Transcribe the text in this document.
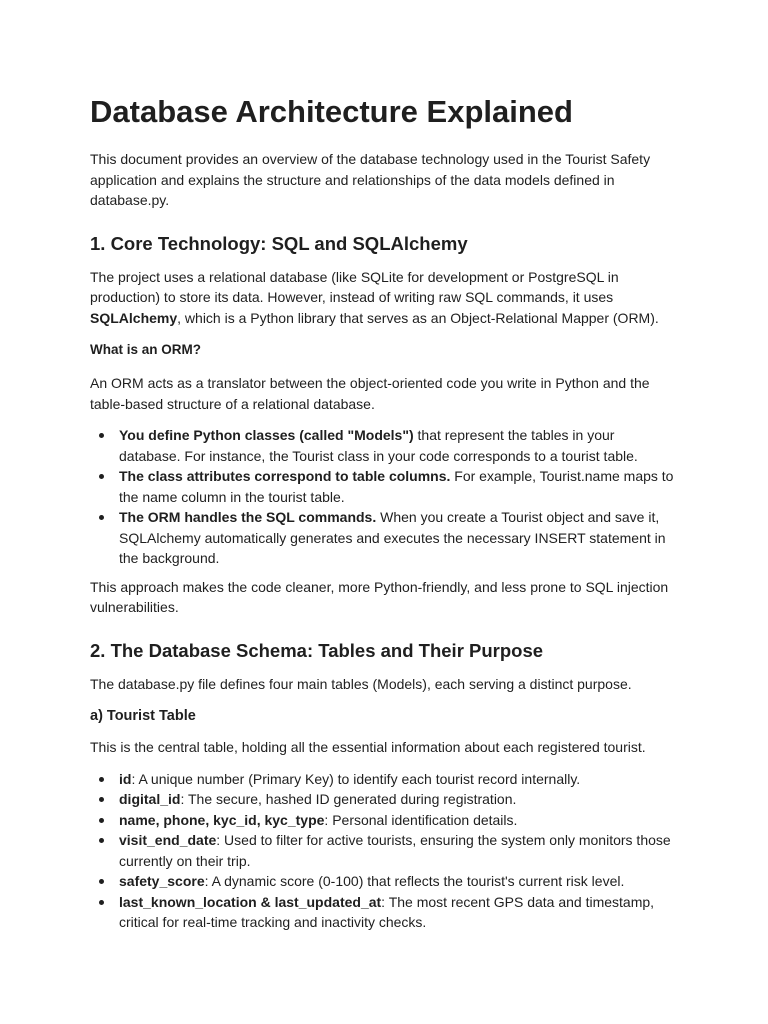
Database Architecture Explained

This document provides an overview of the database technology used in the Tourist Safety application and explains the structure and relationships of the data models defined in database.py.

1. Core Technology: SQL and SQLAlchemy

The project uses a relational database (like SQLite for development or PostgreSQL in production) to store its data. However, instead of writing raw SQL commands, it uses SQLAlchemy, which is a Python library that serves as an Object-Relational Mapper (ORM).

What is an ORM?

An ORM acts as a translator between the object-oriented code you write in Python and the table-based structure of a relational database.

You define Python classes (called "Models") that represent the tables in your database. For instance, the Tourist class in your code corresponds to a tourist table.
The class attributes correspond to table columns. For example, Tourist.name maps to the name column in the tourist table.
The ORM handles the SQL commands. When you create a Tourist object and save it, SQLAlchemy automatically generates and executes the necessary INSERT statement in the background.

This approach makes the code cleaner, more Python-friendly, and less prone to SQL injection vulnerabilities.

2. The Database Schema: Tables and Their Purpose

The database.py file defines four main tables (Models), each serving a distinct purpose.

a) Tourist Table

This is the central table, holding all the essential information about each registered tourist.

id: A unique number (Primary Key) to identify each tourist record internally.
digital_id: The secure, hashed ID generated during registration.
name, phone, kyc_id, kyc_type: Personal identification details.
visit_end_date: Used to filter for active tourists, ensuring the system only monitors those currently on their trip.
safety_score: A dynamic score (0-100) that reflects the tourist's current risk level.
last_known_location & last_updated_at: The most recent GPS data and timestamp, critical for real-time tracking and inactivity checks.
